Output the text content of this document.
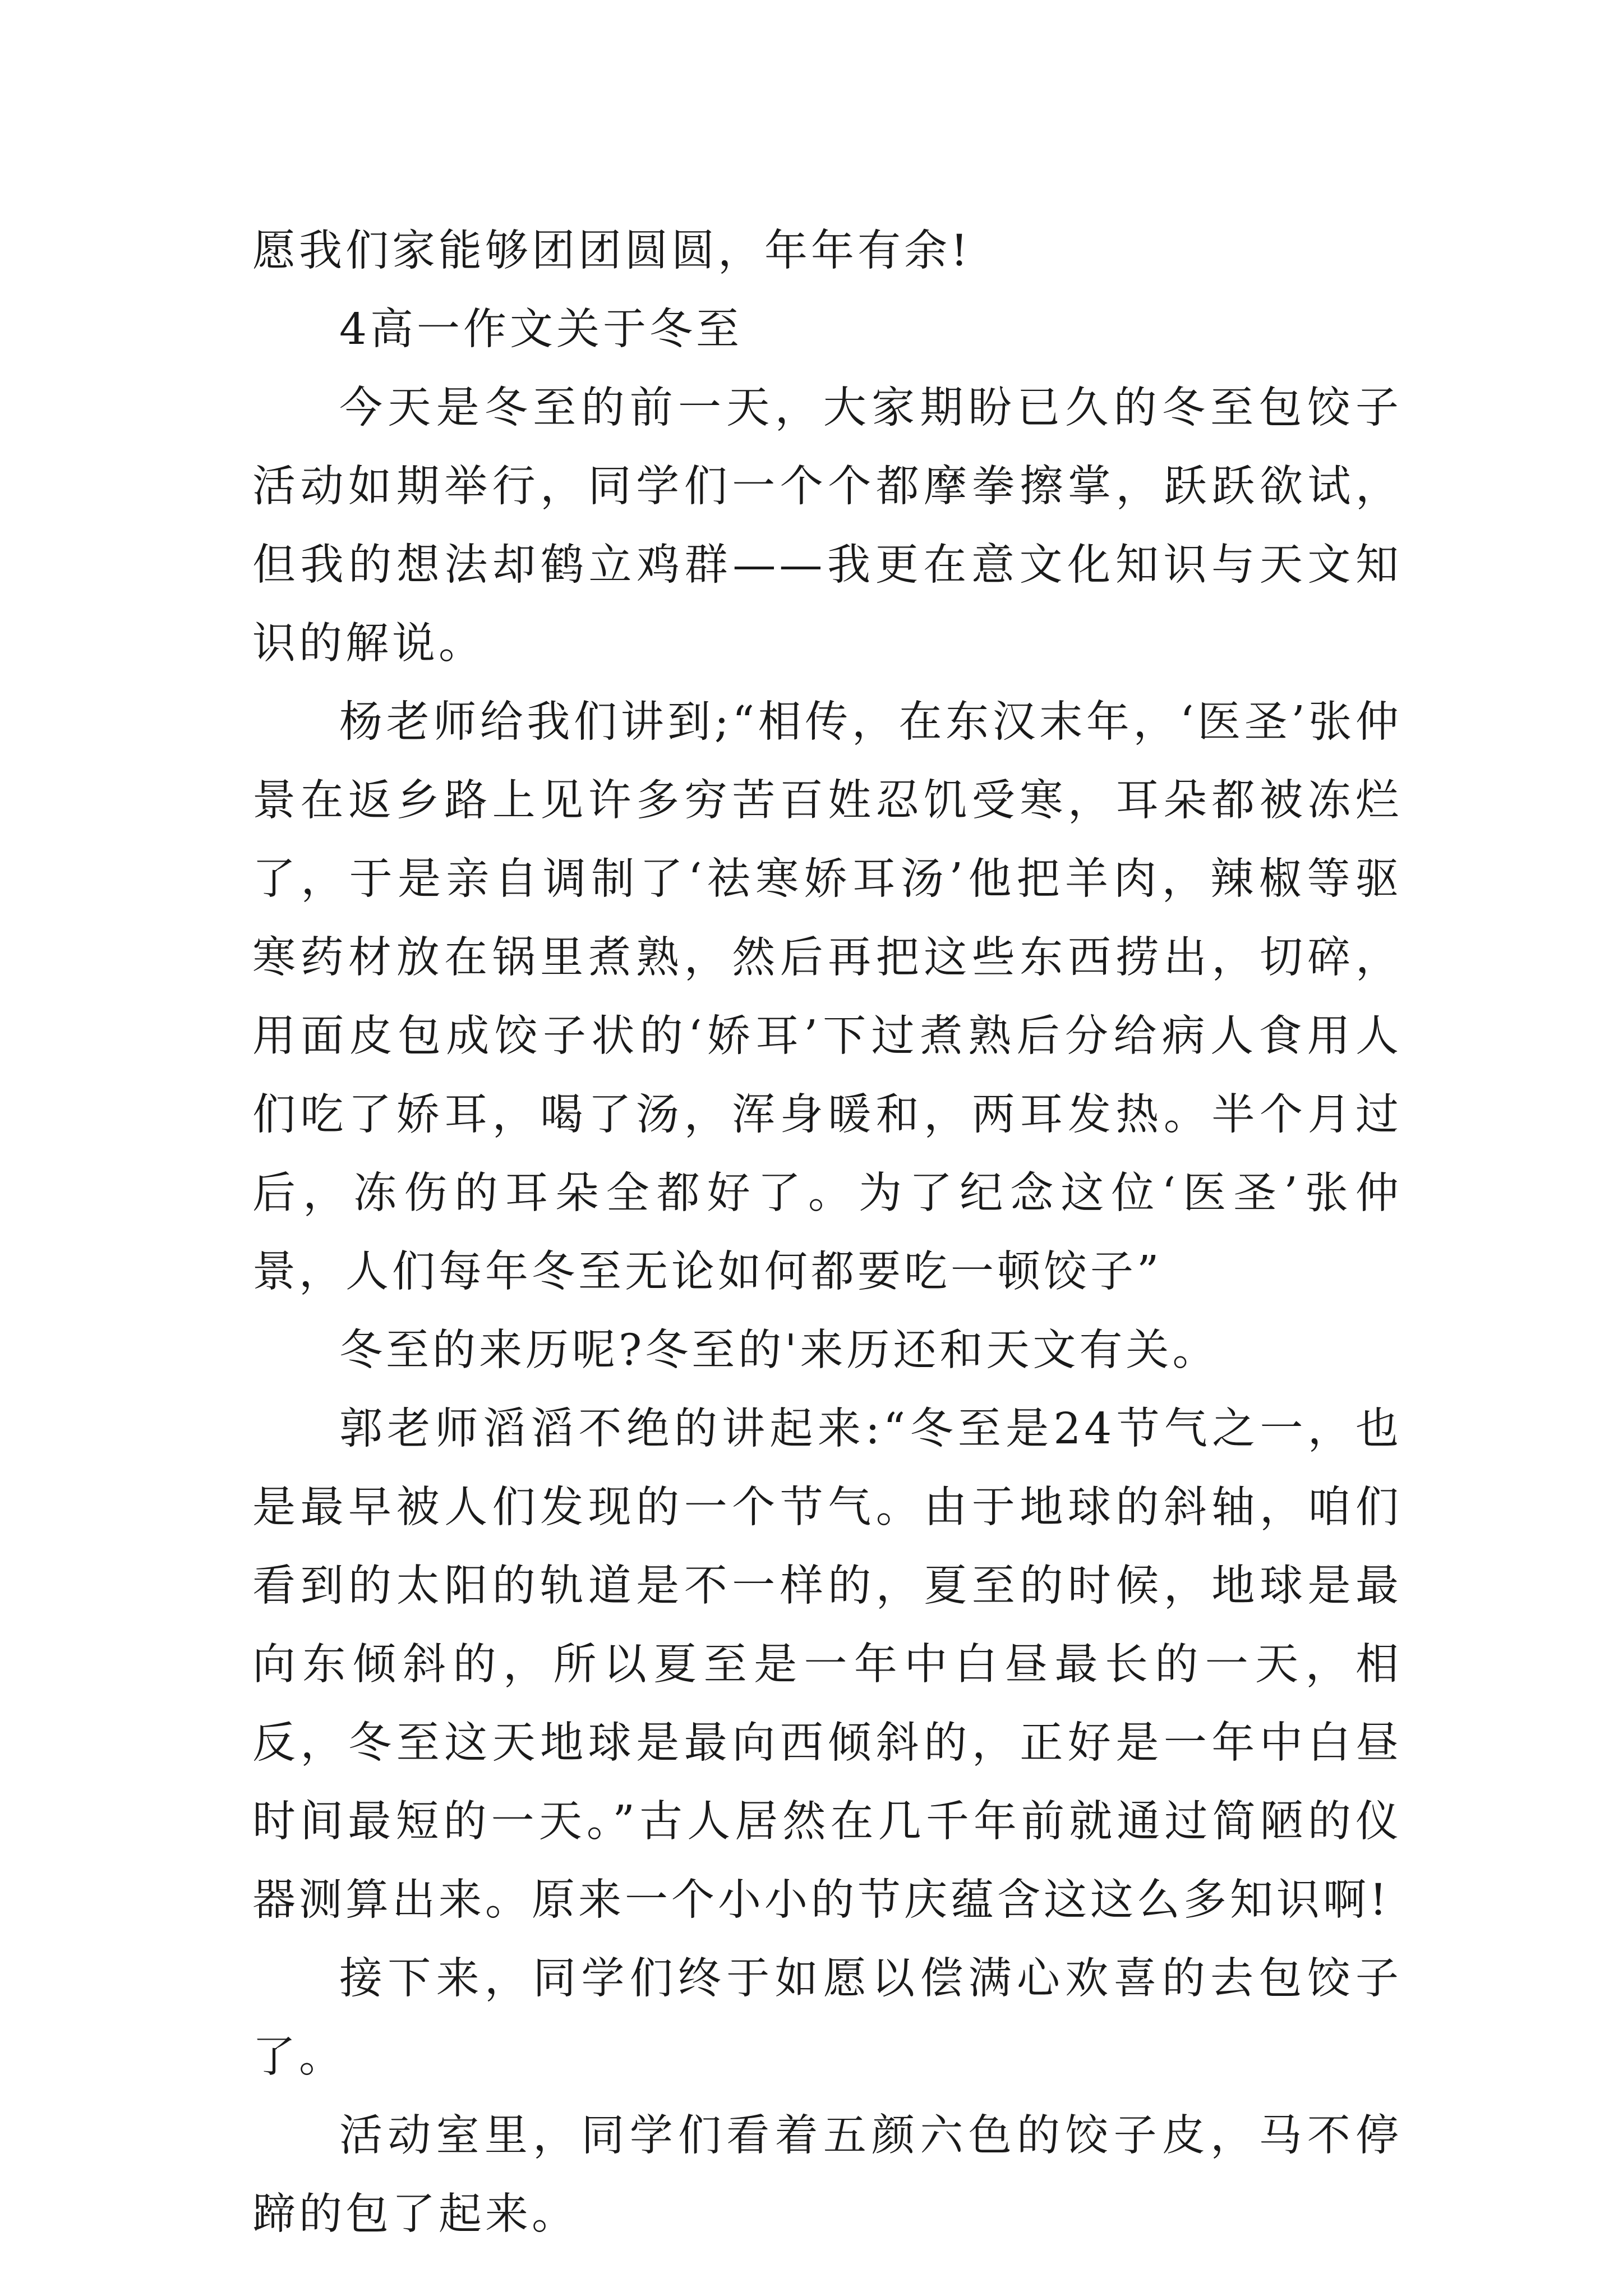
愿我们家能够团团圆圆，年年有余!

4高一作文关于冬至

今天是冬至的前一天，大家期盼已久的冬至包饺子活动如期举行，同学们一个个都摩拳擦掌，跃跃欲试，但我的想法却鹤立鸡群——我更在意文化知识与天文知识的解说。

杨老师给我们讲到;“相传，在东汉末年，‘医圣’张仲景在返乡路上见许多穷苦百姓忍饥受寒，耳朵都被冻烂了，于是亲自调制了‘祛寒娇耳汤’他把羊肉，辣椒等驱寒药材放在锅里煮熟，然后再把这些东西捞出，切碎，用面皮包成饺子状的‘娇耳’下过煮熟后分给病人食用人们吃了娇耳，喝了汤，浑身暖和，两耳发热。半个月过后，冻伤的耳朵全都好了。为了纪念这位‘医圣’张仲景，人们每年冬至无论如何都要吃一顿饺子”

冬至的来历呢?冬至的'来历还和天文有关。

郭老师滔滔不绝的讲起来:“冬至是24节气之一，也是最早被人们发现的一个节气。由于地球的斜轴，咱们看到的太阳的轨道是不一样的，夏至的时候，地球是最向东倾斜的，所以夏至是一年中白昼最长的一天，相反，冬至这天地球是最向西倾斜的，正好是一年中白昼时间最短的一天。”古人居然在几千年前就通过简陋的仪器测算出来。原来一个小小的节庆蕴含这这么多知识啊!

接下来，同学们终于如愿以偿满心欢喜的去包饺子了。

活动室里，同学们看着五颜六色的饺子皮，马不停蹄的包了起来。
